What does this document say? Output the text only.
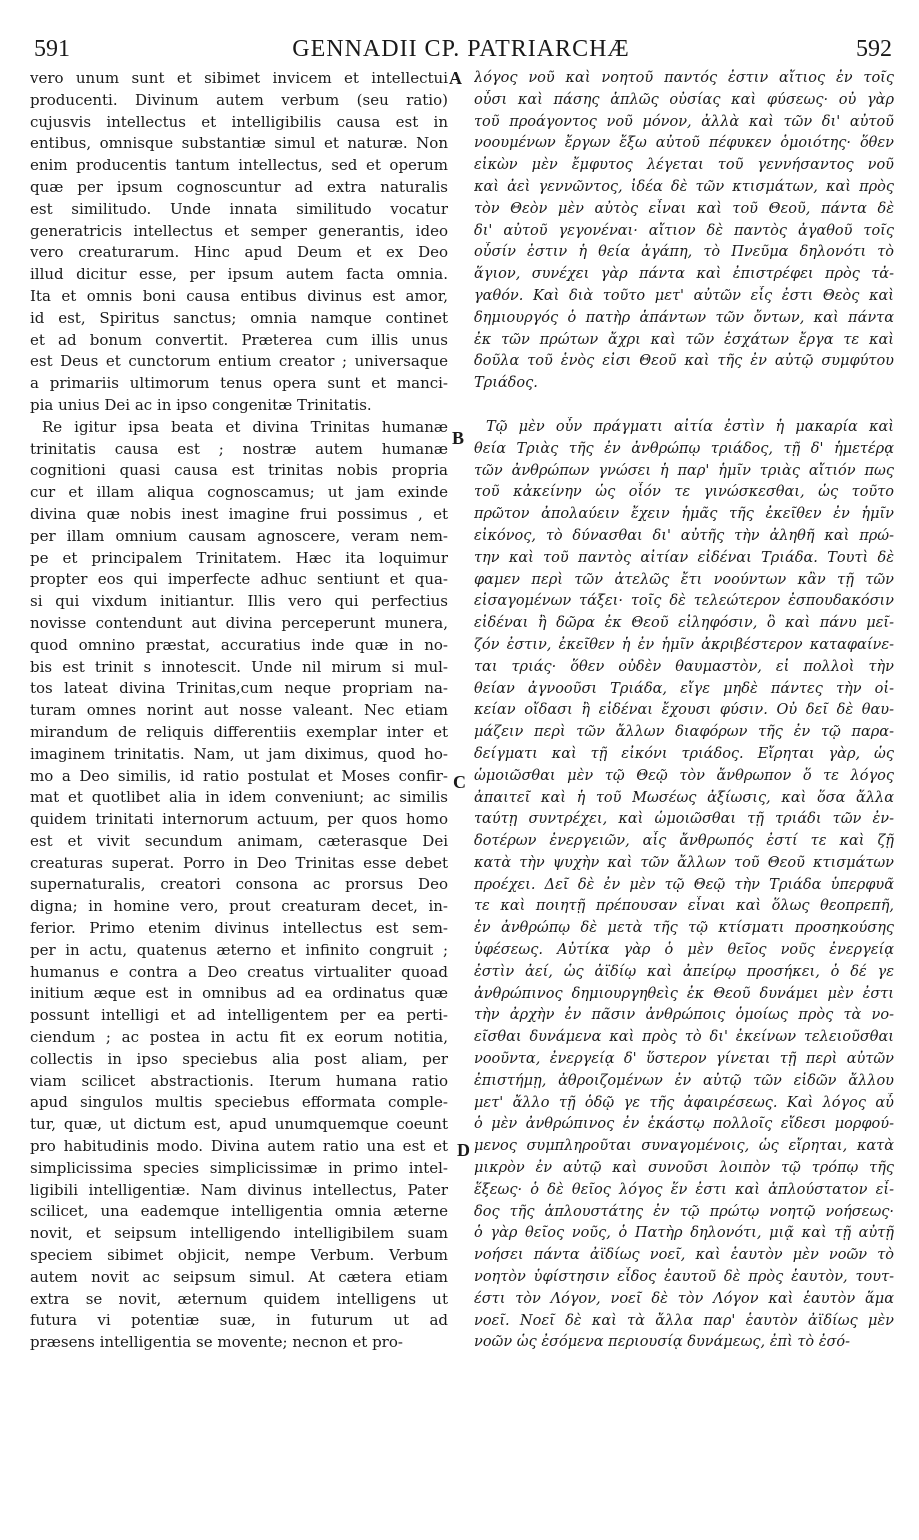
591	GENNADII CP. PATRIARCHÆ	592
vero unum sunt et sibimet invicem et intellectui
producenti. Divinum autem verbum (seu ratio)
cujusvis intellectus et intelligibilis causa est in
entibus, omnisque substantiæ simul et naturæ. Non
enim producentis tantum intellectus, sed et operum
quæ per ipsum cognoscuntur ad extra naturalis
est similitudo. Unde innata similitudo vocatur
generatricis intellectus et semper generantis, ideo
vero creaturarum. Hinc apud Deum et ex Deo
illud dicitur esse, per ipsum autem facta omnia.
Ita et omnis boni causa entibus divinus est amor,
id est, Spiritus sanctus; omnia namque continet
et ad bonum convertit. Præterea cum illis unus
est Deus et cunctorum entium creator ; universaque
a primariis ultimorum tenus opera sunt et manci-
pia unius Dei ac in ipso congenitæ Trinitatis.
Re igitur ipsa beata et divina Trinitas humanæ
trinitatis causa est ; nostræ autem humanæ
cognitioni quasi causa est trinitas nobis propria
cur et illam aliqua cognoscamus; ut jam exinde
divina quæ nobis inest imagine frui possimus , et
per illam omnium causam agnoscere, veram nem-
pe et principalem Trinitatem. Hæc ita loquimur
propter eos qui imperfecte adhuc sentiunt et qua-
si qui vixdum initiantur. Illis vero qui perfectius
novisse contendunt aut divina perceperunt munera,
quod omnino præstat, accuratius inde quæ in no-
bis est trinit s innotescit. Unde nil mirum si mul-
tos lateat divina Trinitas,cum neque propriam na-
turam omnes norint aut nosse valeant. Nec etiam
mirandum de reliquis differentiis exemplar inter et
imaginem trinitatis. Nam, ut jam diximus, quod ho-
mo a Deo similis, id ratio postulat et Moses confir-
mat et quotlibet alia in idem conveniunt; ac similis
quidem trinitati internorum actuum, per quos homo
est et vivit secundum animam, cæterasque Dei
creaturas superat. Porro in Deo Trinitas esse debet
supernaturalis, creatori consona ac prorsus Deo
digna; in homine vero, prout creaturam decet, in-
ferior. Primo etenim divinus intellectus est sem-
per in actu, quatenus æterno et infinito congruit ;
humanus e contra a Deo creatus virtualiter quoad
initium æque est in omnibus ad ea ordinatus quæ
possunt intelligi et ad intelligentem per ea perti-
ciendum ; ac postea in actu fit ex eorum notitia,
collectis in ipso speciebus alia post aliam, per
viam scilicet abstractionis. Iterum humana ratio
apud singulos multis speciebus efformata comple-
tur, quæ, ut dictum est, apud unumquemque coeunt
pro habitudinis modo. Divina autem ratio una est et
simplicissima species simplicissimæ in primo intel-
ligibili intelligentiæ. Nam divinus intellectus, Pater
scilicet, una eademque intelligentia omnia æterne
novit, et seipsum intelligendo intelligibilem suam
speciem sibimet objicit, nempe Verbum. Verbum
autem novit ac seipsum simul. At cætera etiam
extra se novit, æternum quidem intelligens ut
futura vi potentiæ suæ, in futurum ut ad
præsens intelligentia se movente; necnon et pro-
λόγος νοῦ καὶ νοητοῦ παντός ἐστιν αἴτιος ἐν τοῖς
οὖσι καὶ πάσης ἁπλῶς οὐσίας καὶ φύσεως· οὐ γὰρ
τοῦ προάγοντος νοῦ μόνον, ἀλλὰ καὶ τῶν δι' αὐτοῦ
νοουμένων ἔργων ἔξω αὐτοῦ πέφυκεν ὁμοιότης· ὅθεν
εἰκὼν μὲν ἔμφυτος λέγεται τοῦ γεννήσαντος νοῦ
καὶ ἀεὶ γεννῶντος, ἰδέα δὲ τῶν κτισμάτων, καὶ πρὸς
τὸν Θεὸν μὲν αὐτὸς εἶναι καὶ τοῦ Θεοῦ, πάντα δὲ
δι' αὐτοῦ γεγονέναι· αἴτιον δὲ παντὸς ἀγαθοῦ τοῖς
οὖσίν ἐστιν ἡ θεία ἀγάπη, τὸ Πνεῦμα δηλονότι τὸ
ἅγιον, συνέχει γὰρ πάντα καὶ ἐπιστρέφει πρὸς τἀ-
γαθόν. Καὶ διὰ τοῦτο μετ' αὐτῶν εἷς ἐστι Θεὸς καὶ
δημιουργός ὁ πατὴρ ἁπάντων τῶν ὄντων, καὶ πάντα
ἐκ τῶν πρώτων ἄχρι καὶ τῶν ἐσχάτων ἔργα τε καὶ
δοῦλα τοῦ ἑνὸς εἰσι Θεοῦ καὶ τῆς ἐν αὐτῷ συμφύτου
Τριάδος.
Τῷ μὲν οὖν πράγματι αἰτία ἐστὶν ἡ μακαρία καὶ
θεία Τριὰς τῆς ἐν ἀνθρώπῳ τριάδος, τῇ δ' ἡμετέρᾳ
τῶν ἀνθρώπων γνώσει ἡ παρ' ἡμῖν τριὰς αἴτιόν πως
τοῦ κἀκείνην ὡς οἷόν τε γινώσκεσθαι, ὡς τοῦτο
πρῶτον ἀπολαύειν ἔχειν ἡμᾶς τῆς ἐκεῖθεν ἐν ἡμῖν
εἰκόνος, τὸ δύνασθαι δι' αὐτῆς τὴν ἀληθῆ καὶ πρώ-
την καὶ τοῦ παντὸς αἰτίαν εἰδέναι Τριάδα. Τουτὶ δὲ
φαμεν περὶ τῶν ἀτελῶς ἔτι νοούντων κἂν τῇ τῶν
εἰσαγομένων τάξει· τοῖς δὲ τελεώτερον ἐσπουδακόσιν
εἰδέναι ἢ δῶρα ἐκ Θεοῦ εἰληφόσιν, ὃ καὶ πάνυ μεῖ-
ζόν ἐστιν, ἐκεῖθεν ἡ ἐν ἡμῖν ἀκριβέστερον καταφαίνε-
ται τριάς· ὅθεν οὐδὲν θαυμαστὸν, εἰ πολλοὶ τὴν
θείαν ἀγνοοῦσι Τριάδα, εἴγε μηδὲ πάντες τὴν οἰ-
κείαν οἴδασι ἢ εἰδέναι ἔχουσι φύσιν. Οὐ δεῖ δὲ θαυ-
μάζειν περὶ τῶν ἄλλων διαφόρων τῆς ἐν τῷ παρα-
δείγματι καὶ τῇ εἰκόνι τριάδος. Εἴρηται γὰρ, ὡς
ὡμοιῶσθαι μὲν τῷ Θεῷ τὸν ἄνθρωπον ὅ τε λόγος
ἀπαιτεῖ καὶ ἡ τοῦ Μωσέως ἀξίωσις, καὶ ὅσα ἄλλα
ταύτῃ συντρέχει, καὶ ὡμοιῶσθαι τῇ τριάδι τῶν ἐν-
δοτέρων ἐνεργειῶν, αἷς ἄνθρωπός ἐστί τε καὶ ζῇ
κατὰ τὴν ψυχὴν καὶ τῶν ἄλλων τοῦ Θεοῦ κτισμάτων
προέχει. Δεῖ δὲ ἐν μὲν τῷ Θεῷ τὴν Τριάδα ὑπερφυᾶ
τε καὶ ποιητῇ πρέπουσαν εἶναι καὶ ὅλως θεοπρεπῆ,
ἐν ἀνθρώπῳ δὲ μετὰ τῆς τῷ κτίσματι προσηκούσης
ὑφέσεως. Αὐτίκα γὰρ ὁ μὲν θεῖος νοῦς ἐνεργείᾳ
ἐστὶν ἀεί, ὡς ἀϊδίῳ καὶ ἀπείρῳ προσήκει, ὁ δέ γε
ἀνθρώπινος δημιουργηθεὶς ἐκ Θεοῦ δυνάμει μὲν ἐστι
τὴν ἀρχὴν ἐν πᾶσιν ἀνθρώποις ὁμοίως πρὸς τὰ νο-
εῖσθαι δυνάμενα καὶ πρὸς τὸ δι' ἐκείνων τελειοῦσθαι
νοοῦντα, ἐνεργείᾳ δ' ὕστερον γίνεται τῇ περὶ αὐτῶν
ἐπιστήμῃ, ἀθροιζομένων ἐν αὐτῷ τῶν εἰδῶν ἄλλου
μετ' ἄλλο τῇ ὁδῷ γε τῆς ἀφαιρέσεως. Καὶ λόγος αὖ
ὁ μὲν ἀνθρώπινος ἐν ἑκάστῳ πολλοῖς εἴδεσι μορφού-
μενος συμπληροῦται συναγομένοις, ὡς εἴρηται, κατὰ
μικρὸν ἐν αὐτῷ καὶ συνοῦσι λοιπὸν τῷ τρόπῳ τῆς
ἕξεως· ὁ δὲ θεῖος λόγος ἕν ἐστι καὶ ἁπλούστατον εἶ-
δος τῆς ἁπλουστάτης ἐν τῷ πρώτῳ νοητῷ νοήσεως·
ὁ γὰρ θεῖος νοῦς, ὁ Πατὴρ δηλονότι, μιᾷ καὶ τῇ αὐτῇ
νοήσει πάντα ἀϊδίως νοεῖ, καὶ ἑαυτὸν μὲν νοῶν τὸ
νοητὸν ὑφίστησιν εἶδος ἑαυτοῦ δὲ πρὸς ἑαυτὸν, τουτ-
έστι τὸν Λόγον, νοεῖ δὲ τὸν Λόγον καὶ ἑαυτὸν ἅμα
νοεῖ. Νοεῖ δὲ καὶ τὰ ἄλλα παρ' ἑαυτὸν ἀϊδίως μὲν
νοῶν ὡς ἐσόμενα περιουσίᾳ δυνάμεως, ἐπὶ τὸ ἐσό-
A
B
C
D
